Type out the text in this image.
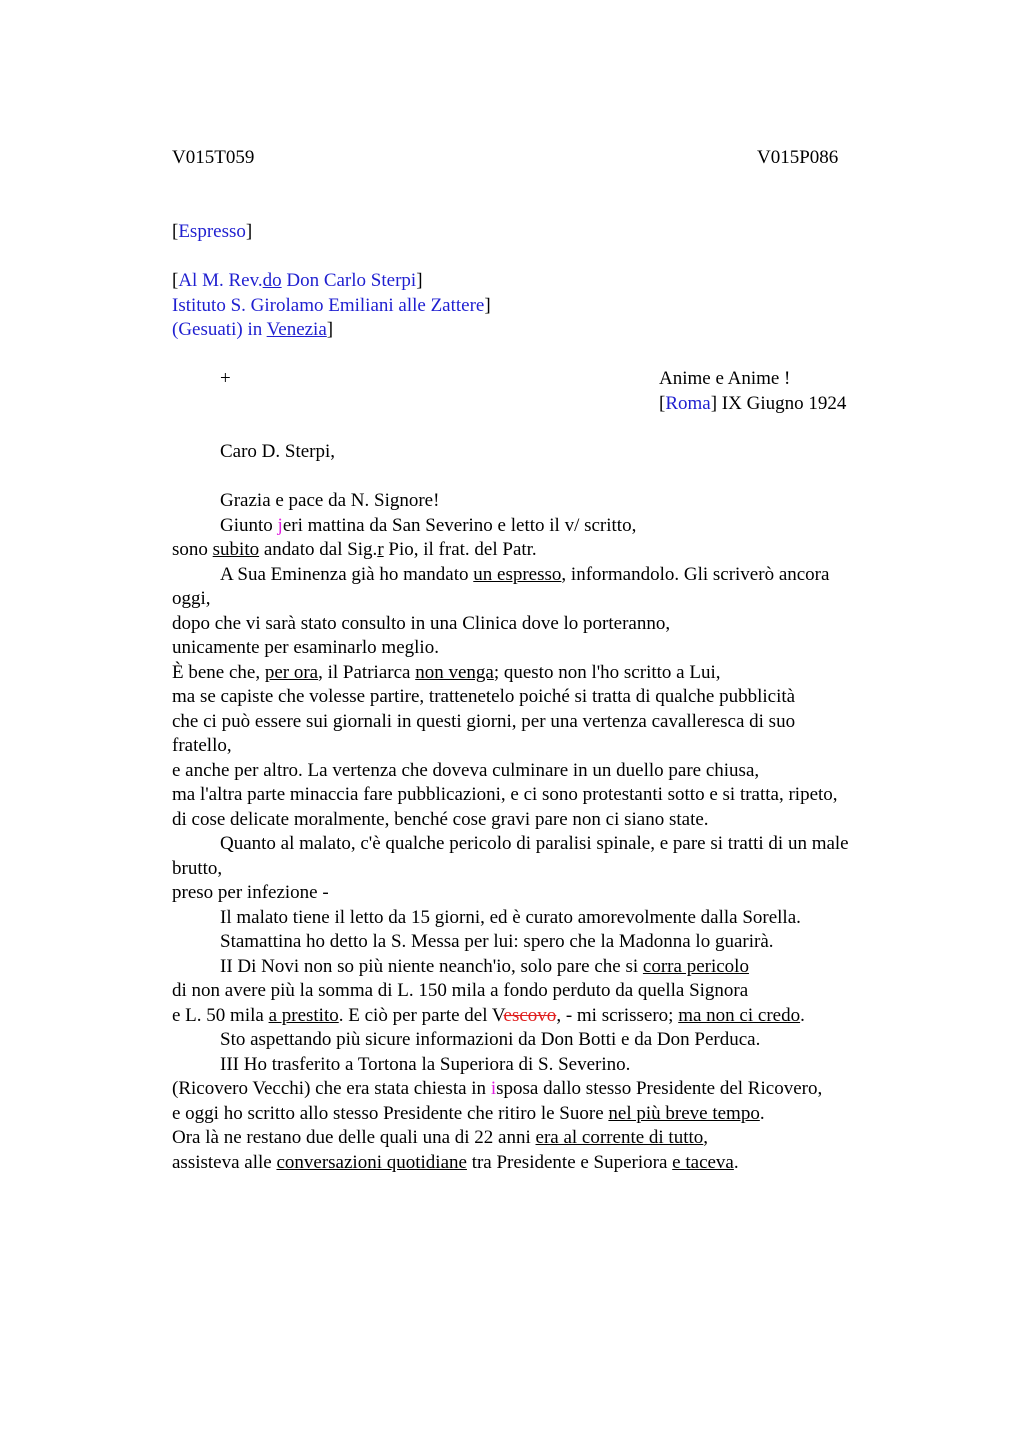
V015T059	V015P086
[Espresso]
[Al M. Rev.do Don Carlo Sterpi]
Istituto S. Girolamo Emiliani alle Zattere]
(Gesuati) in Venezia]
+	Anime e Anime !
[Roma] IX Giugno 1924
Caro D. Sterpi,
Grazia e pace da N. Signore!
Giunto jeri mattina da San Severino e letto il v/ scritto,
sono subito andato dal Sig.r Pio, il frat. del Patr.
A Sua Eminenza già ho mandato un espresso, informandolo. Gli scriverò ancora
oggi,
dopo che vi sarà stato consulto in una Clinica dove lo porteranno,
unicamente per esaminarlo meglio.
È bene che, per ora, il Patriarca non venga; questo non l'ho scritto a Lui,
ma se capiste che volesse partire, trattenetelo poiché si tratta di qualche pubblicità
che ci può essere sui giornali in questi giorni, per una vertenza cavalleresca di suo
fratello,
e anche per altro. La vertenza che doveva culminare in un duello pare chiusa,
ma l'altra parte minaccia fare pubblicazioni, e ci sono protestanti sotto e si tratta, ripeto,
di cose delicate moralmente, benché cose gravi pare non ci siano state.
Quanto al malato, c'è qualche pericolo di paralisi spinale, e pare si tratti di un male
brutto,
preso per infezione -
Il malato tiene il letto da 15 giorni, ed è curato amorevolmente dalla Sorella.
Stamattina ho detto la S. Messa per lui: spero che la Madonna lo guarirà.
II Di Novi non so più niente neanch'io, solo pare che si corra pericolo
di non avere più la somma di L. 150 mila a fondo perduto da quella Signora
e L. 50 mila a prestito. E ciò per parte del Vescovo, - mi scrissero; ma non ci credo.
Sto aspettando più sicure informazioni da Don Botti e da Don Perduca.
III Ho trasferito a Tortona la Superiora di S. Severino.
(Ricovero Vecchi) che era stata chiesta in isposa dallo stesso Presidente del Ricovero,
e oggi ho scritto allo stesso Presidente che ritiro le Suore nel più breve tempo.
Ora là ne restano due delle quali una di 22 anni era al corrente di tutto,
assisteva alle conversazioni quotidiane tra Presidente e Superiora e taceva.
